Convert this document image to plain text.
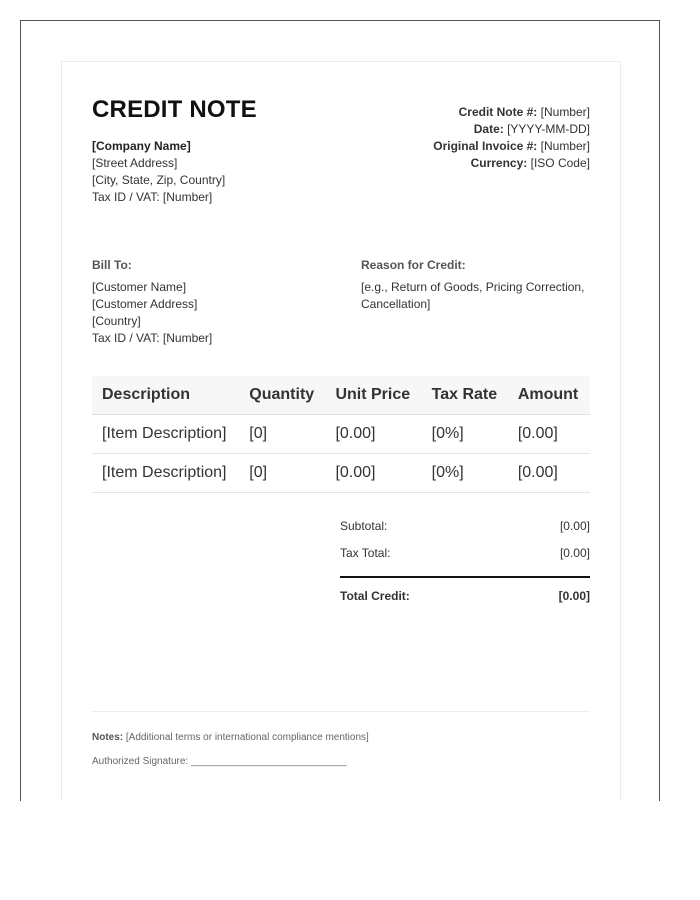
CREDIT NOTE
[Company Name]
[Street Address]
[City, State, Zip, Country]
Tax ID / VAT: [Number]
Credit Note #: [Number]
Date: [YYYY-MM-DD]
Original Invoice #: [Number]
Currency: [ISO Code]
Bill To:
[Customer Name]
[Customer Address]
[Country]
Tax ID / VAT: [Number]
Reason for Credit:
[e.g., Return of Goods, Pricing Correction, Cancellation]
Description	Quantity	Unit Price	Tax Rate	Amount
[Item Description]	[0]	[0.00]	[0%]	[0.00]
[Item Description]	[0]	[0.00]	[0%]	[0.00]
Subtotal:	[0.00]
Tax Total:	[0.00]
Total Credit:	[0.00]
Notes: [Additional terms or international compliance mentions]
Authorized Signature: ____________________________
